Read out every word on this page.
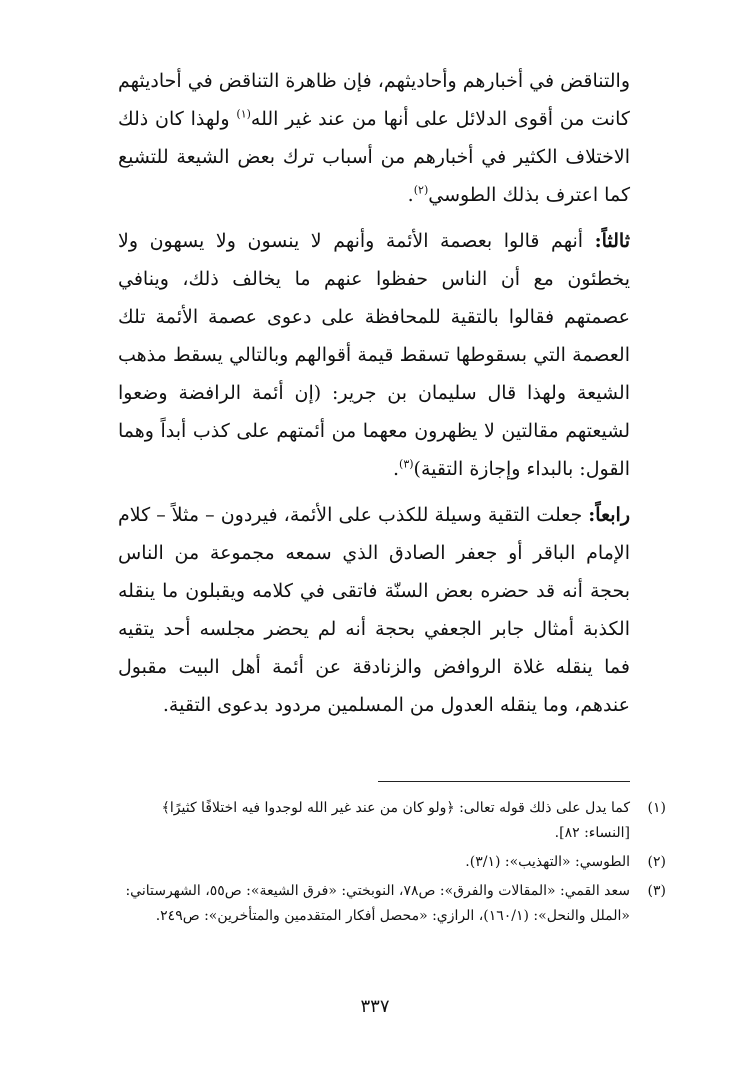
والتناقض في أخبارهم وأحاديثهم، فإن ظاهرة التناقض في أحاديثهم كانت من أقوى الدلائل على أنها من عند غير الله$^{(١)}$ ولهذا كان ذلك الاختلاف الكثير في أخبارهم من أسباب ترك بعض الشيعة للتشيع كما اعترف بذلك الطوسي$^{(٢)}$.

ثالثاً: أنهم قالوا بعصمة الأئمة وأنهم لا ينسون ولا يسهون ولا يخطئون مع أن الناس حفظوا عنهم ما يخالف ذلك، وينافي عصمتهم فقالوا بالتقية للمحافظة على دعوى عصمة الأئمة تلك العصمة التي بسقوطها تسقط قيمة أقوالهم وبالتالي يسقط مذهب الشيعة ولهذا قال سليمان بن جرير: (إن أئمة الرافضة وضعوا لشيعتهم مقالتين لا يظهرون معهما من أئمتهم على كذب أبداً وهما القول: بالبداء وإجازة التقية)$^{(٣)}$.

رابعاً: جعلت التقية وسيلة للكذب على الأئمة، فيردون – مثلاً – كلام الإمام الباقر أو جعفر الصادق الذي سمعه مجموعة من الناس بحجة أنه قد حضره بعض السنّة فاتقى في كلامه ويقبلون ما ينقله الكذبة أمثال جابر الجعفي بحجة أنه لم يحضر مجلسه أحد يتقيه فما ينقله غلاة الروافض والزنادقة عن أئمة أهل البيت مقبول عندهم، وما ينقله العدول من المسلمين مردود بدعوى التقية.

(١)
كما يدل على ذلك قوله تعالى: ﴿ولو كان من عند غير الله لوجدوا فيه اختلافًا كثيرًا﴾ [النساء: ٨٢].
(٢)
الطوسي: «التهذيب»: (٣/١).
(٣)
سعد القمي: «المقالات والفرق»: ص٧٨، النوبختي: «فرق الشيعة»: ص٥٥، الشهرستاني: «الملل والنحل»: (١٦٠/١)، الرازي: «محصل أفكار المتقدمين والمتأخرين»: ص٢٤٩.
٣٣٧
